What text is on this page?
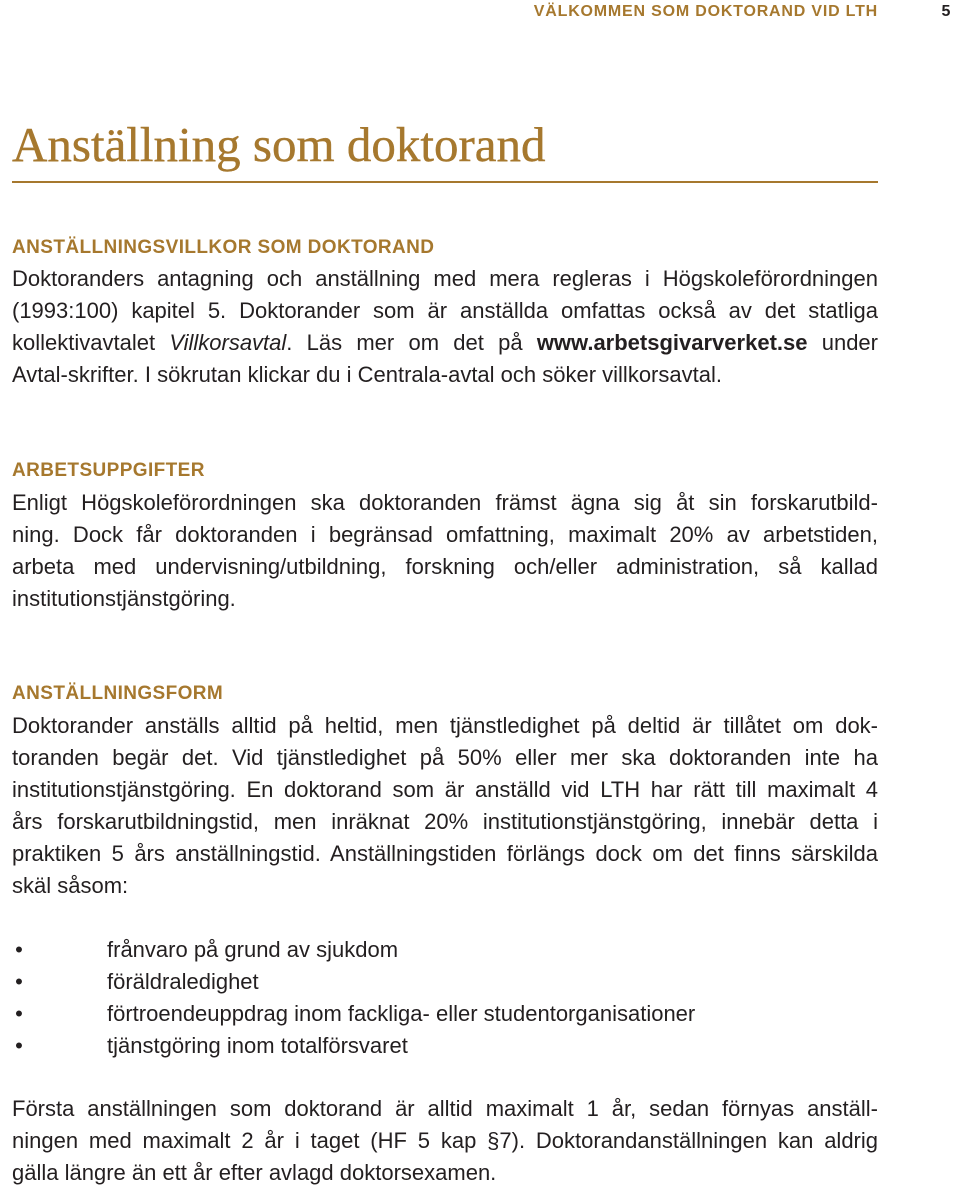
VÄLKOMMEN SOM DOKTORAND VID LTH	5
Anställning som doktorand
ANSTÄLLNINGSVILLKOR SOM DOKTORAND
Doktoranders antagning och anställning med mera regleras i Högskoleförordningen
(1993:100) kapitel 5. Doktorander som är anställda omfattas också av det statliga
kollektivavtalet Villkorsavtal. Läs mer om det på www.arbetsgivarverket.se under
Avtal-skrifter. I sökrutan klickar du i Centrala-avtal och söker villkorsavtal.
ARBETSUPPGIFTER
Enligt Högskoleförordningen ska doktoranden främst ägna sig åt sin forskarutbild-
ning. Dock får doktoranden i begränsad omfattning, maximalt 20% av arbetstiden,
arbeta med undervisning/utbildning, forskning och/eller administration, så kallad
institutionstjänstgöring.
ANSTÄLLNINGSFORM
Doktorander anställs alltid på heltid, men tjänstledighet på deltid är tillåtet om dok-
toranden begär det. Vid tjänstledighet på 50% eller mer ska doktoranden inte ha
institutionstjänstgöring. En doktorand som är anställd vid LTH har rätt till maximalt 4
års forskarutbildningstid, men inräknat 20% institutionstjänstgöring, innebär detta i
praktiken 5 års anställningstid. Anställningstiden förlängs dock om det finns särskilda
skäl såsom:
•	frånvaro på grund av sjukdom
•	föräldraledighet
•	förtroendeuppdrag inom fackliga- eller studentorganisationer
•	tjänstgöring inom totalförsvaret
Första anställningen som doktorand är alltid maximalt 1 år, sedan förnyas anställ-
ningen med maximalt 2 år i taget (HF 5 kap §7). Doktorandanställningen kan aldrig
gälla längre än ett år efter avlagd doktorsexamen.
